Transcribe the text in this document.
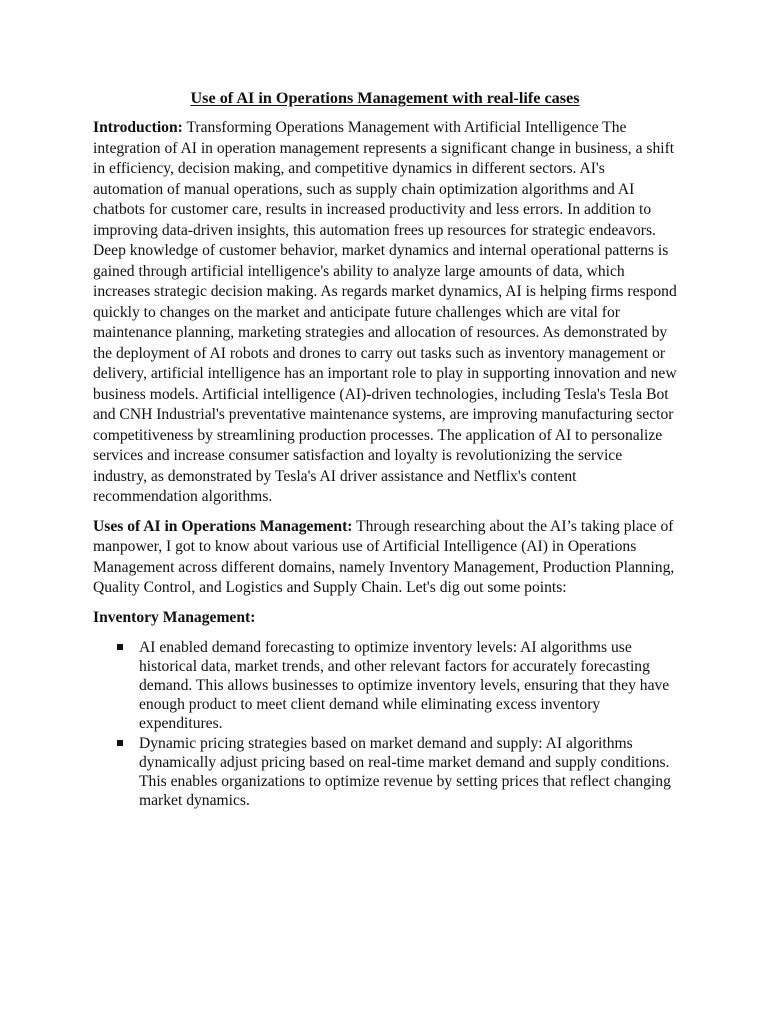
Use of AI in Operations Management with real-life cases

Introduction: Transforming Operations Management with Artificial Intelligence The integration of AI in operation management represents a significant change in business, a shift in efficiency, decision making, and competitive dynamics in different sectors. AI's automation of manual operations, such as supply chain optimization algorithms and AI chatbots for customer care, results in increased productivity and less errors. In addition to improving data-driven insights, this automation frees up resources for strategic endeavors. Deep knowledge of customer behavior, market dynamics and internal operational patterns is gained through artificial intelligence's ability to analyze large amounts of data, which increases strategic decision making. As regards market dynamics, AI is helping firms respond quickly to changes on the market and anticipate future challenges which are vital for maintenance planning, marketing strategies and allocation of resources. As demonstrated by the deployment of AI robots and drones to carry out tasks such as inventory management or delivery, artificial intelligence has an important role to play in supporting innovation and new business models. Artificial intelligence (AI)-driven technologies, including Tesla's Tesla Bot and CNH Industrial's preventative maintenance systems, are improving manufacturing sector competitiveness by streamlining production processes. The application of AI to personalize services and increase consumer satisfaction and loyalty is revolutionizing the service industry, as demonstrated by Tesla's AI driver assistance and Netflix's content recommendation algorithms.

Uses of AI in Operations Management: Through researching about the AI’s taking place of manpower, I got to know about various use of Artificial Intelligence (AI) in Operations Management across different domains, namely Inventory Management, Production Planning, Quality Control, and Logistics and Supply Chain. Let's dig out some points:

Inventory Management:
AI enabled demand forecasting to optimize inventory levels: AI algorithms use historical data, market trends, and other relevant factors for accurately forecasting demand. This allows businesses to optimize inventory levels, ensuring that they have enough product to meet client demand while eliminating excess inventory expenditures.
Dynamic pricing strategies based on market demand and supply: AI algorithms dynamically adjust pricing based on real-time market demand and supply conditions. This enables organizations to optimize revenue by setting prices that reflect changing market dynamics.
